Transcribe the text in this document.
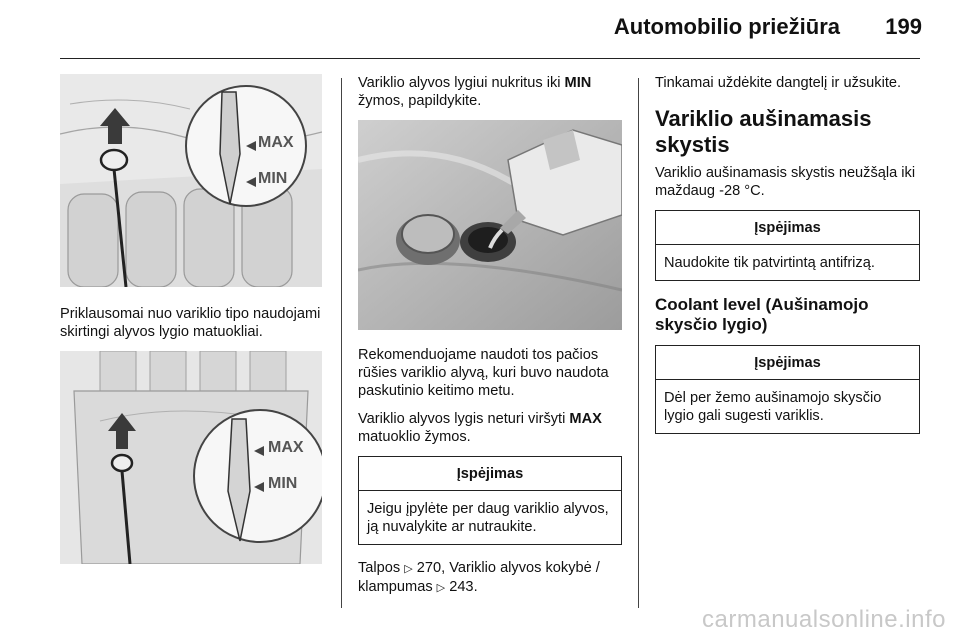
Automobilio priežiūra 199
MAX
MIN

Priklausomai nuo variklio tipo naudojami skirtingi alyvos lygio matuokliai.

MAX
MIN

Variklio alyvos lygiui nukritus iki MIN žymos, papildykite.

Rekomenduojame naudoti tos pačios rūšies variklio alyvą, kuri buvo naudota paskutinio keitimo metu.

Variklio alyvos lygis neturi viršyti MAX matuoklio žymos.

Įspėjimas
Jeigu įpylėte per daug variklio alyvos, ją nuvalykite ar nutraukite.

Talpos ▷ 270, Variklio alyvos kokybė / klampumas ▷ 243.

Tinkamai uždėkite dangtelį ir užsukite.

Variklio aušinamasis skystis

Variklio aušinamasis skystis neužšąla iki maždaug -28 °C.

Įspėjimas
Naudokite tik patvirtintą antifrizą.
Coolant level (Aušinamojo skysčio lygio)
Įspėjimas
Dėl per žemo aušinamojo skysčio lygio gali sugesti variklis.
carmanualsonline.info
